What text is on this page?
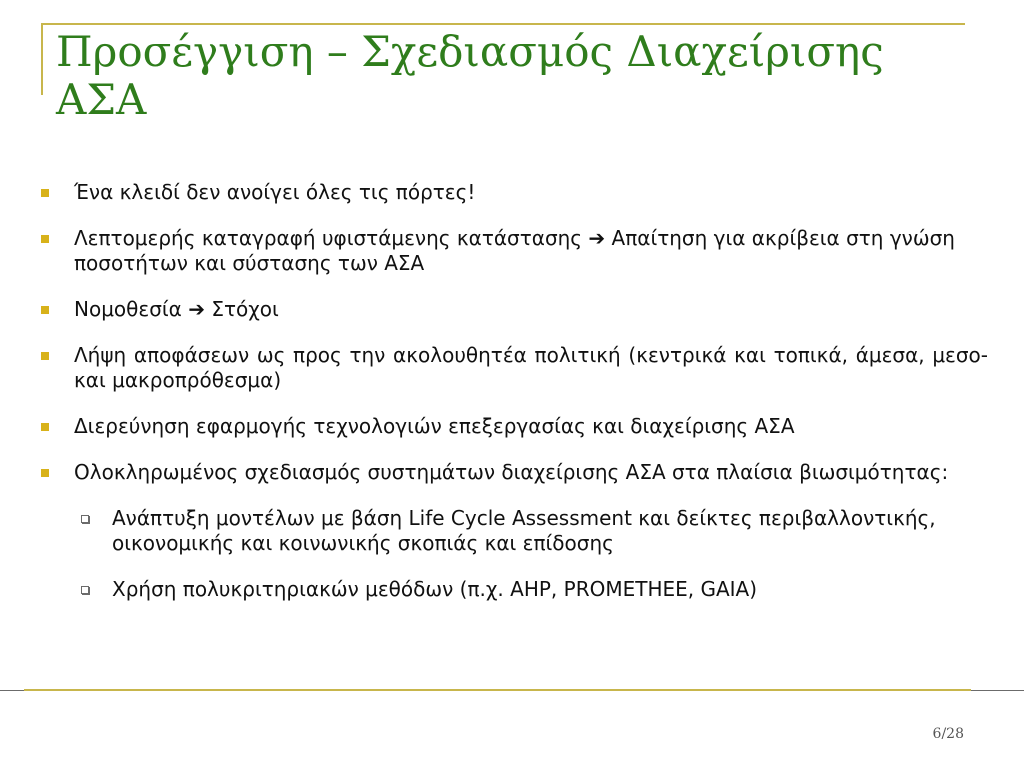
Προσέγγιση – Σχεδιασμός Διαχείρισης
ΑΣΑ
Ένα κλειδί δεν ανοίγει όλες τις πόρτες!
Λεπτομερής καταγραφή υφιστάμενης κατάστασης ➔ Απαίτηση για ακρίβεια στη γνώση ποσοτήτων και σύστασης των ΑΣΑ
Νομοθεσία ➔ Στόχοι
Λήψη αποφάσεων ως προς την ακολουθητέα πολιτική (κεντρικά και τοπικά, άμεσα, μεσο- και μακροπρόθεσμα)
Διερεύνηση εφαρμογής τεχνολογιών επεξεργασίας και διαχείρισης ΑΣΑ
Ολοκληρωμένος σχεδιασμός συστημάτων διαχείρισης ΑΣΑ στα πλαίσια βιωσιμότητας:
Ανάπτυξη μοντέλων με βάση Life Cycle Assessment και δείκτες περιβαλλοντικής, οικονομικής και κοινωνικής σκοπιάς και επίδοσης
Χρήση πολυκριτηριακών μεθόδων (π.χ. AHP, PROMETHEE, GAIA)
6/28
